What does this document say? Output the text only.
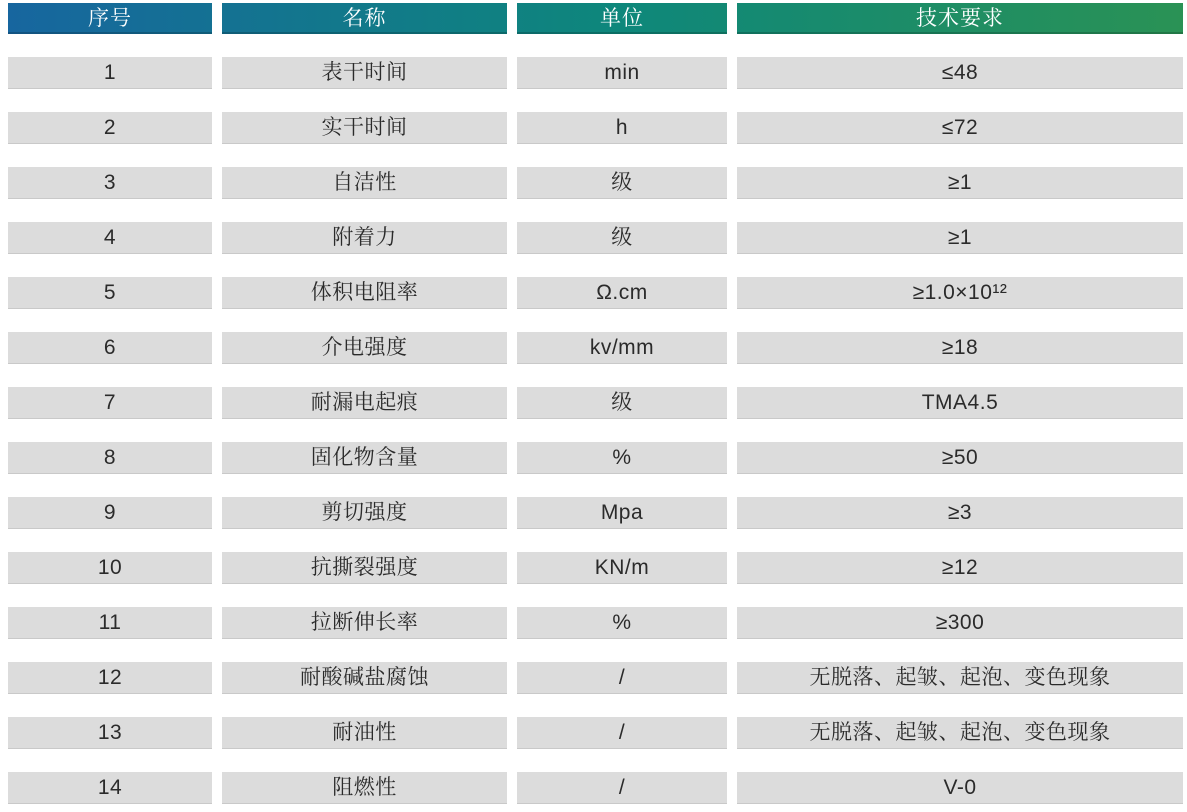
序号	名称	单位	技术要求
1	表干时间	min	≤48
2	实干时间	h	≤72
3	自洁性	级	≥1
4	附着力	级	≥1
5	体积电阻率	Ω.cm	≥1.0×10¹²
6	介电强度	kv/mm	≥18
7	耐漏电起痕	级	TMA4.5
8	固化物含量	%	≥50
9	剪切强度	Mpa	≥3
10	抗撕裂强度	KN/m	≥12
11	拉断伸长率	%	≥300
12	耐酸碱盐腐蚀	/	无脱落、起皱、起泡、变色现象
13	耐油性	/	无脱落、起皱、起泡、变色现象
14	阻燃性	/	V-0
